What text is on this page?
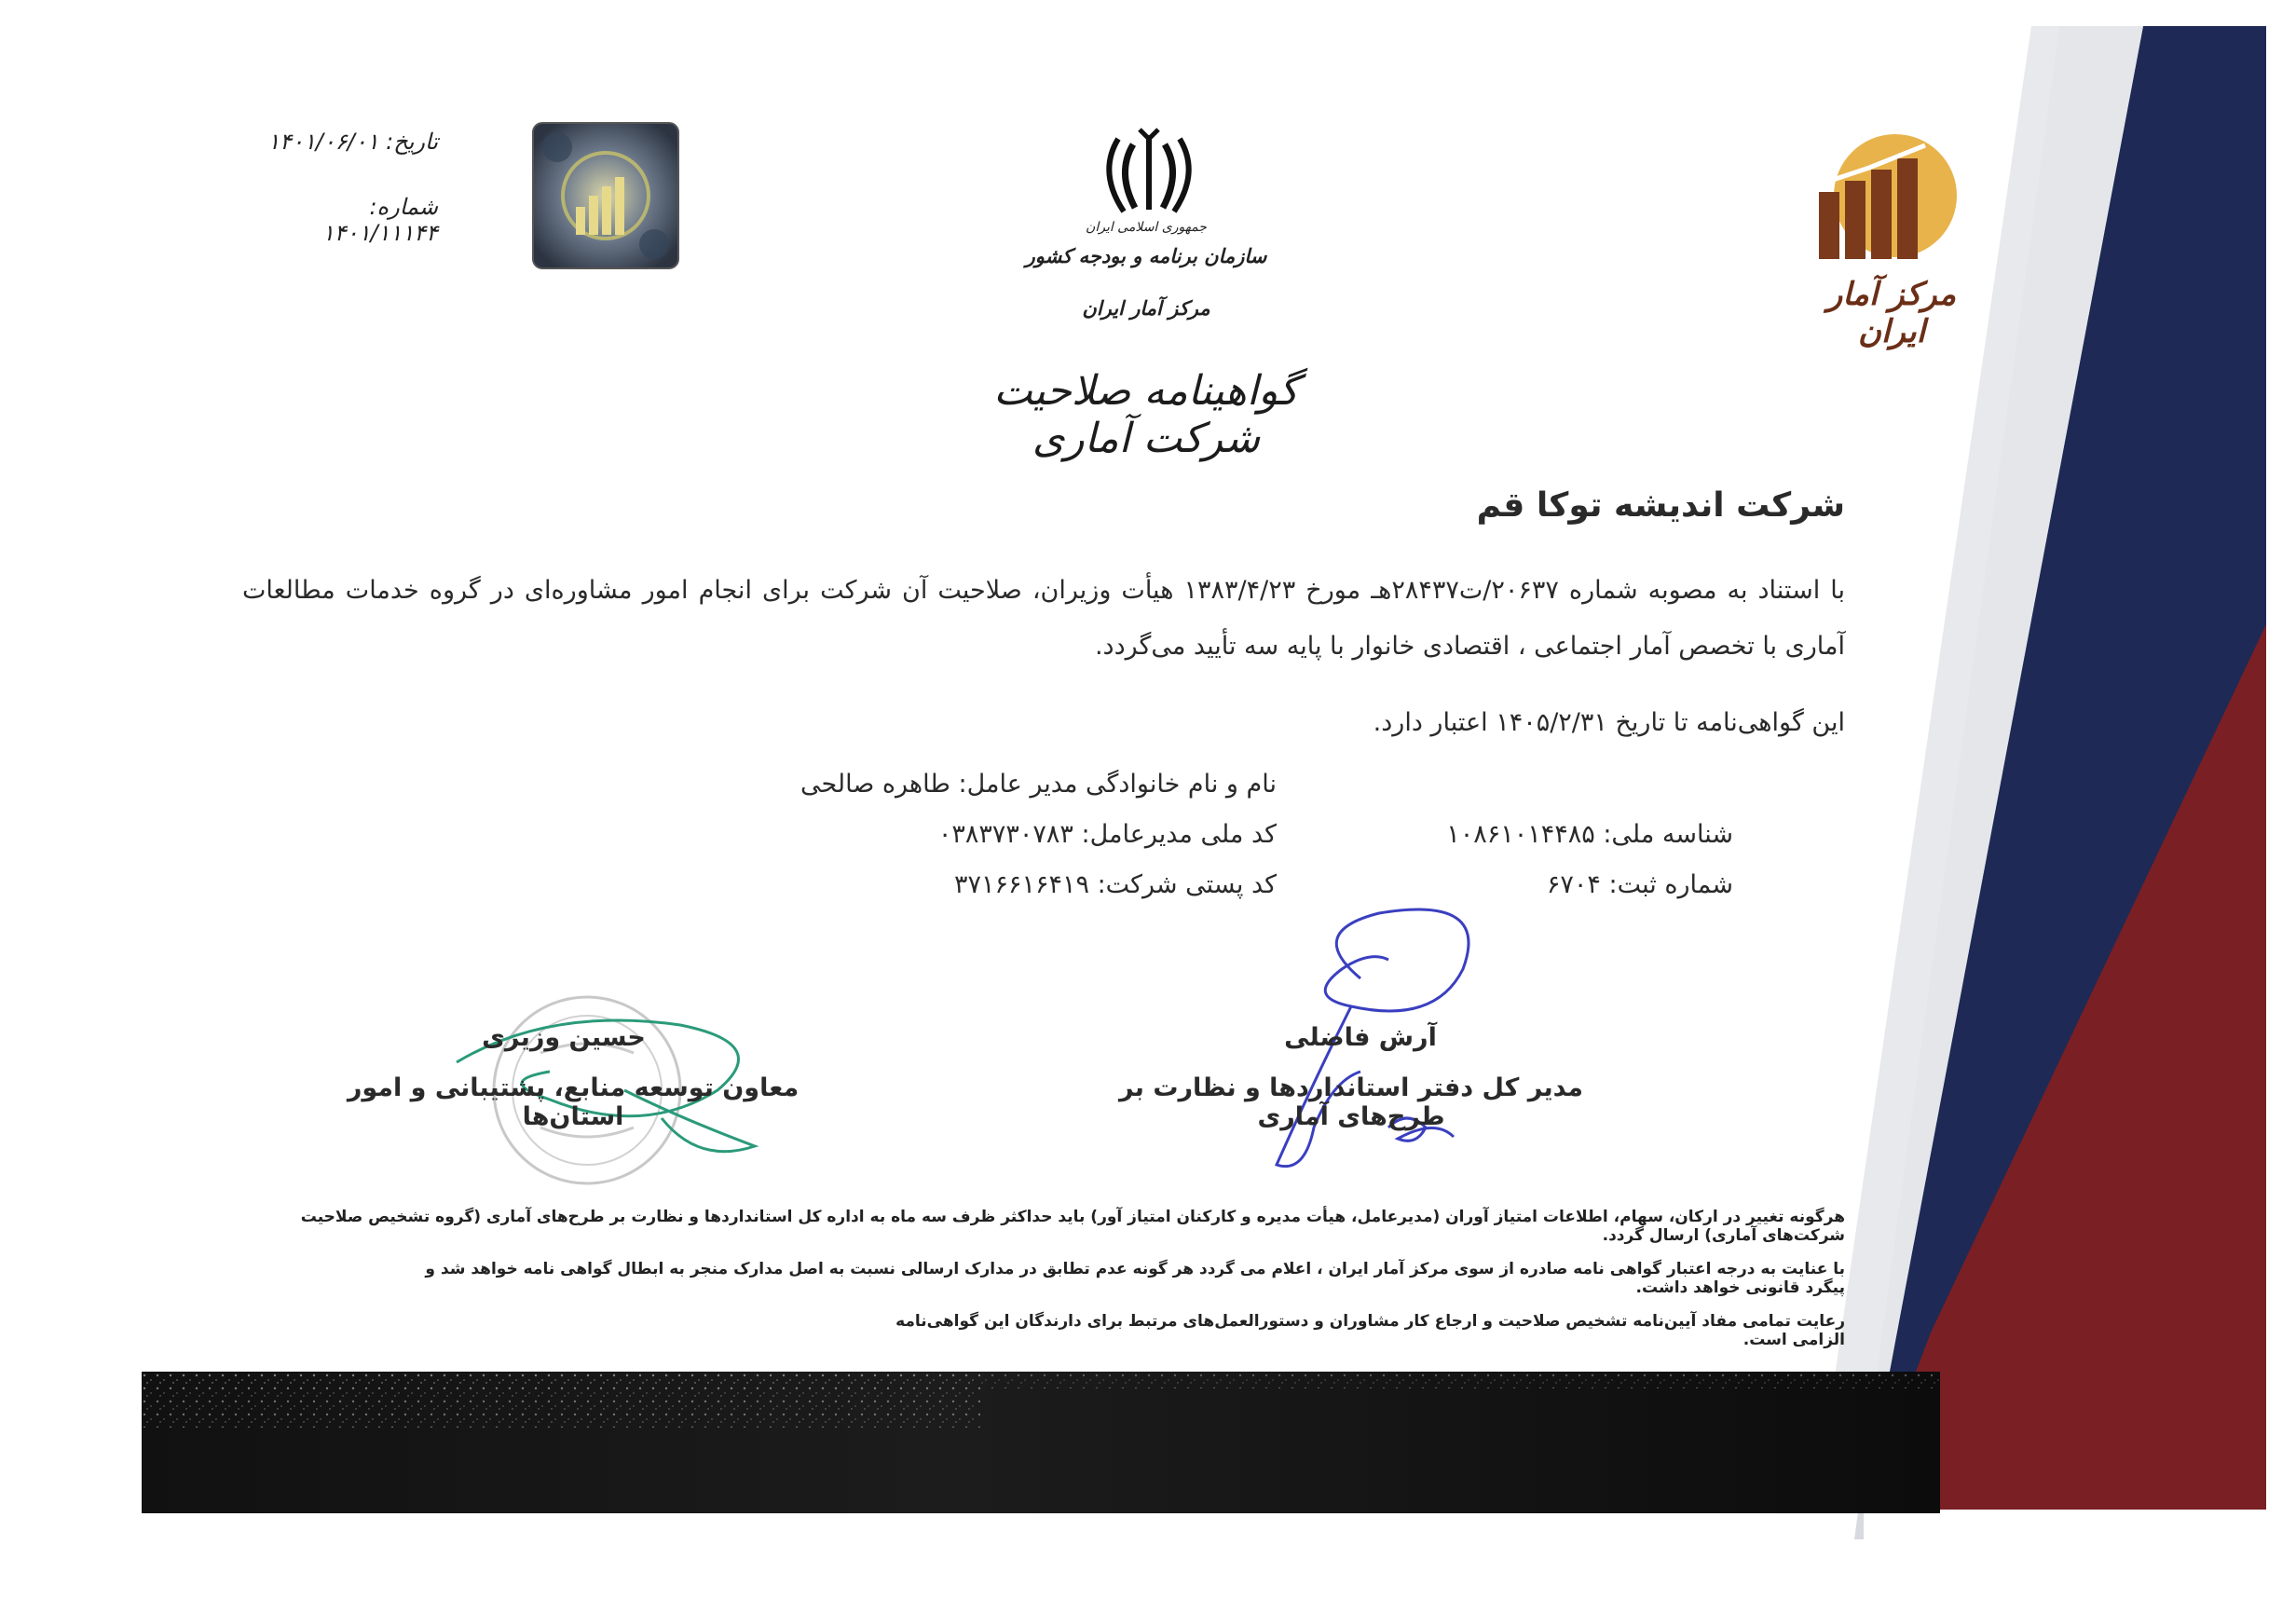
تاریخ: ۱۴۰۱/۰۶/۰۱
شماره: ۱۴۰۱/۱۱۱۴۴	جمهوری اسلامی ایران
سازمان برنامه و بودجه کشور
مرکز آمار ایران
گواهینامه صلاحیت شرکت آماری
مرکز آمار ایران
شرکت اندیشه توکا قم
با استناد به مصوبه شماره ۲۰۶۳۷/ت۲۸۴۳۷هـ مورخ ۱۳۸۳/۴/۲۳ هیأت وزیران، صلاحیت آن شرکت برای انجام امور مشاوره‌ای در گروه خدمات مطالعات آماری با تخصص آمار اجتماعی ، اقتصادی خانوار با پایه سه تأیید می‌گردد.
این گواهی‌نامه تا تاریخ ۱۴۰۵/۲/۳۱ اعتبار دارد.
نام و نام خانوادگی مدیر عامل: طاهره صالحی
شناسه ملی: ۱۰۸۶۱۰۱۴۴۸۵
کد ملی مدیرعامل: ۰۳۸۳۷۳۰۷۸۳
شماره ثبت: ۶۷۰۴
کد پستی شرکت: ۳۷۱۶۶۱۶۴۱۹
آرش فاضلی
مدیر کل دفتر استانداردها و نظارت بر طرح‌های آماری
حسین وزیری
معاون توسعه منابع، پشتیبانی و امور استان‌ها
هرگونه تغییر در ارکان، سهام، اطلاعات امتیاز آوران (مدیرعامل، هیأت مدیره و کارکنان امتیاز آور) باید حداکثر ظرف سه ماه به اداره کل استانداردها و نظارت بر طرح‌های آماری (گروه تشخیص صلاحیت شرکت‌های آماری) ارسال گردد.
با عنایت به درجه اعتبار گواهی نامه صادره از سوی مرکز آمار ایران ، اعلام می گردد هر گونه عدم تطابق در مدارک ارسالی نسبت به اصل مدارک منجر به ابطال گواهی نامه خواهد شد و پیگرد قانونی خواهد داشت.
رعایت تمامی مفاد آیین‌نامه تشخیص صلاحیت و ارجاع کار مشاوران و دستورالعمل‌های مرتبط برای دارندگان این گواهی‌نامه الزامی است.
